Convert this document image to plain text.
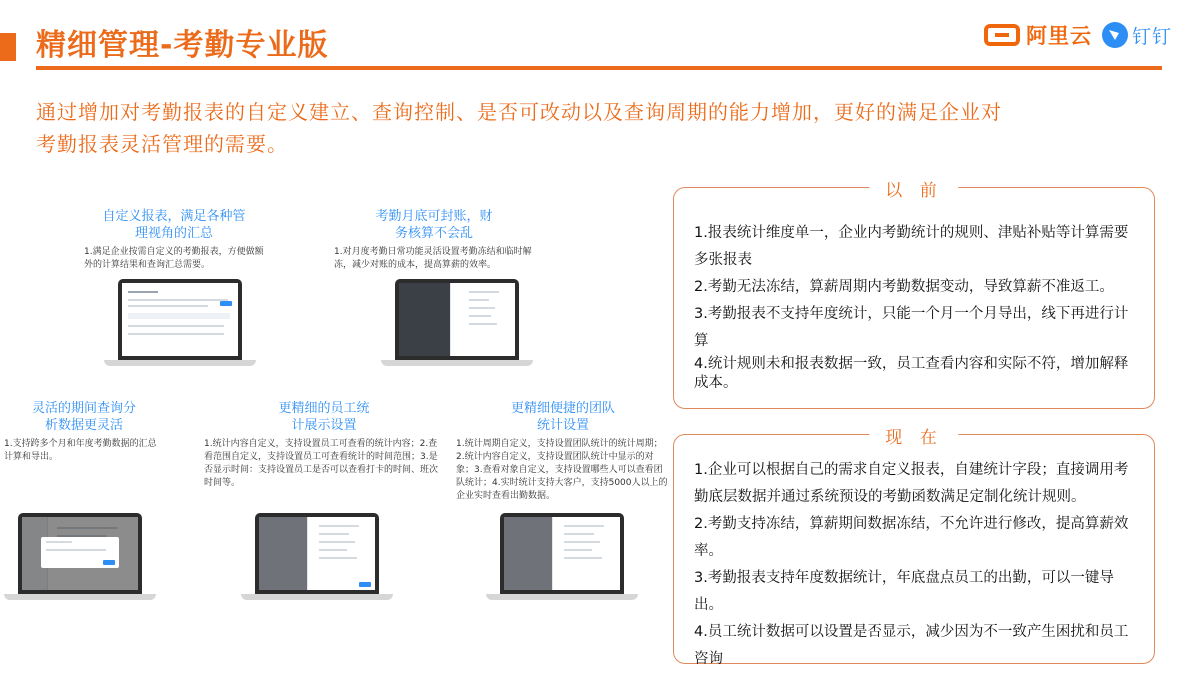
精细管理-考勤专业版	阿里云 钉钉
通过增加对考勤报表的自定义建立、查询控制、是否可改动以及查询周期的能力增加，更好的满足企业对考勤报表灵活管理的需要。
自定义报表，满足各种管理视角的汇总
1.满足企业按需自定义的考勤报表，方便做额外的计算结果和查询汇总需要。
考勤月底可封账，财务核算不会乱
1.对月度考勤日常功能灵活设置考勤冻结和临时解冻，减少对账的成本，提高算薪的效率。
灵活的期间查询分析数据更灵活
1.支持跨多个月和年度考勤数据的汇总计算和导出。
更精细的员工统计展示设置
1.统计内容自定义，支持设置员工可查看的统计内容；2.查看范围自定义，支持设置员工可查看统计的时间范围；3.是否显示时间：支持设置员工是否可以查看打卡的时间、班次时间等。
更精细便捷的团队统计设置
1.统计周期自定义，支持设置团队统计的统计周期；2.统计内容自定义，支持设置团队统计中显示的对象；3.查看对象自定义，支持设置哪些人可以查看团队统计；4.实时统计支持大客户，支持5000人以上的企业实时查看出勤数据。
以 前

1.报表统计维度单一，企业内考勤统计的规则、津贴补贴等计算需要多张报表

2.考勤无法冻结，算薪周期内考勤数据变动，导致算薪不准返工。

3.考勤报表不支持年度统计，只能一个月一个月导出，线下再进行计算

4.统计规则未和报表数据一致，员工查看内容和实际不符，增加解释成本。

现 在

1.企业可以根据自己的需求自定义报表，自建统计字段；直接调用考勤底层数据并通过系统预设的考勤函数满足定制化统计规则。

2.考勤支持冻结，算薪期间数据冻结，不允许进行修改，提高算薪效率。

3.考勤报表支持年度数据统计，年底盘点员工的出勤，可以一键导出。

4.员工统计数据可以设置是否显示，减少因为不一致产生困扰和员工咨询
